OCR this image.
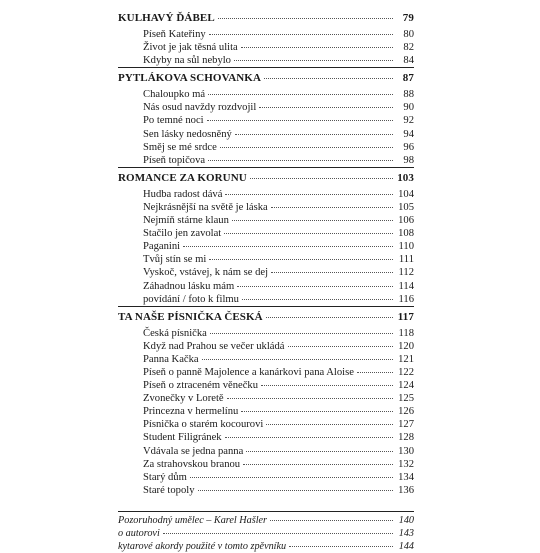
KULHAVÝ ĎÁBEL	79
Píseň Kateřiny	80
Život je jak těsná ulita	82
Kdyby na sůl nebylo	84
PYTLÁKOVA SCHOVANKA	87
Chaloupko má	88
Nás osud navždy rozdvojil	90
Po temné noci	92
Sen lásky nedosněný	94
Směj se mé srdce	96
Píseň topičova	98
ROMANCE ZA KORUNU	103
Hudba radost dává	104
Nejkrásnější na světě je láska	105
Nejmíň stárne klaun	106
Stačilo jen zavolat	108
Paganini	110
Tvůj stín se mi	111
Vyskoč, vstávej, k nám se dej	112
Záhadnou lásku mám	114
povídání / foto k filmu	116
TA NAŠE PÍSNIČKA ČESKÁ	117
Česká písnička	118
Když nad Prahou se večer ukládá	120
Panna Kačka	121
Píseň o panně Majolence a kanárkovi pana Aloise	122
Píseň o ztraceném věnečku	124
Zvonečky v Loretě	125
Princezna v hermelínu	126
Písnička o starém kocourovi	127
Student Filigránek	128
Vdávala se jedna panna	130
Za strahovskou branou	132
Starý dům	134
Staré topoly	136
Pozoruhodný umělec – Karel Hašler	140
o autorovi	143
kytarové akordy použité v tomto zpěvníku	144
